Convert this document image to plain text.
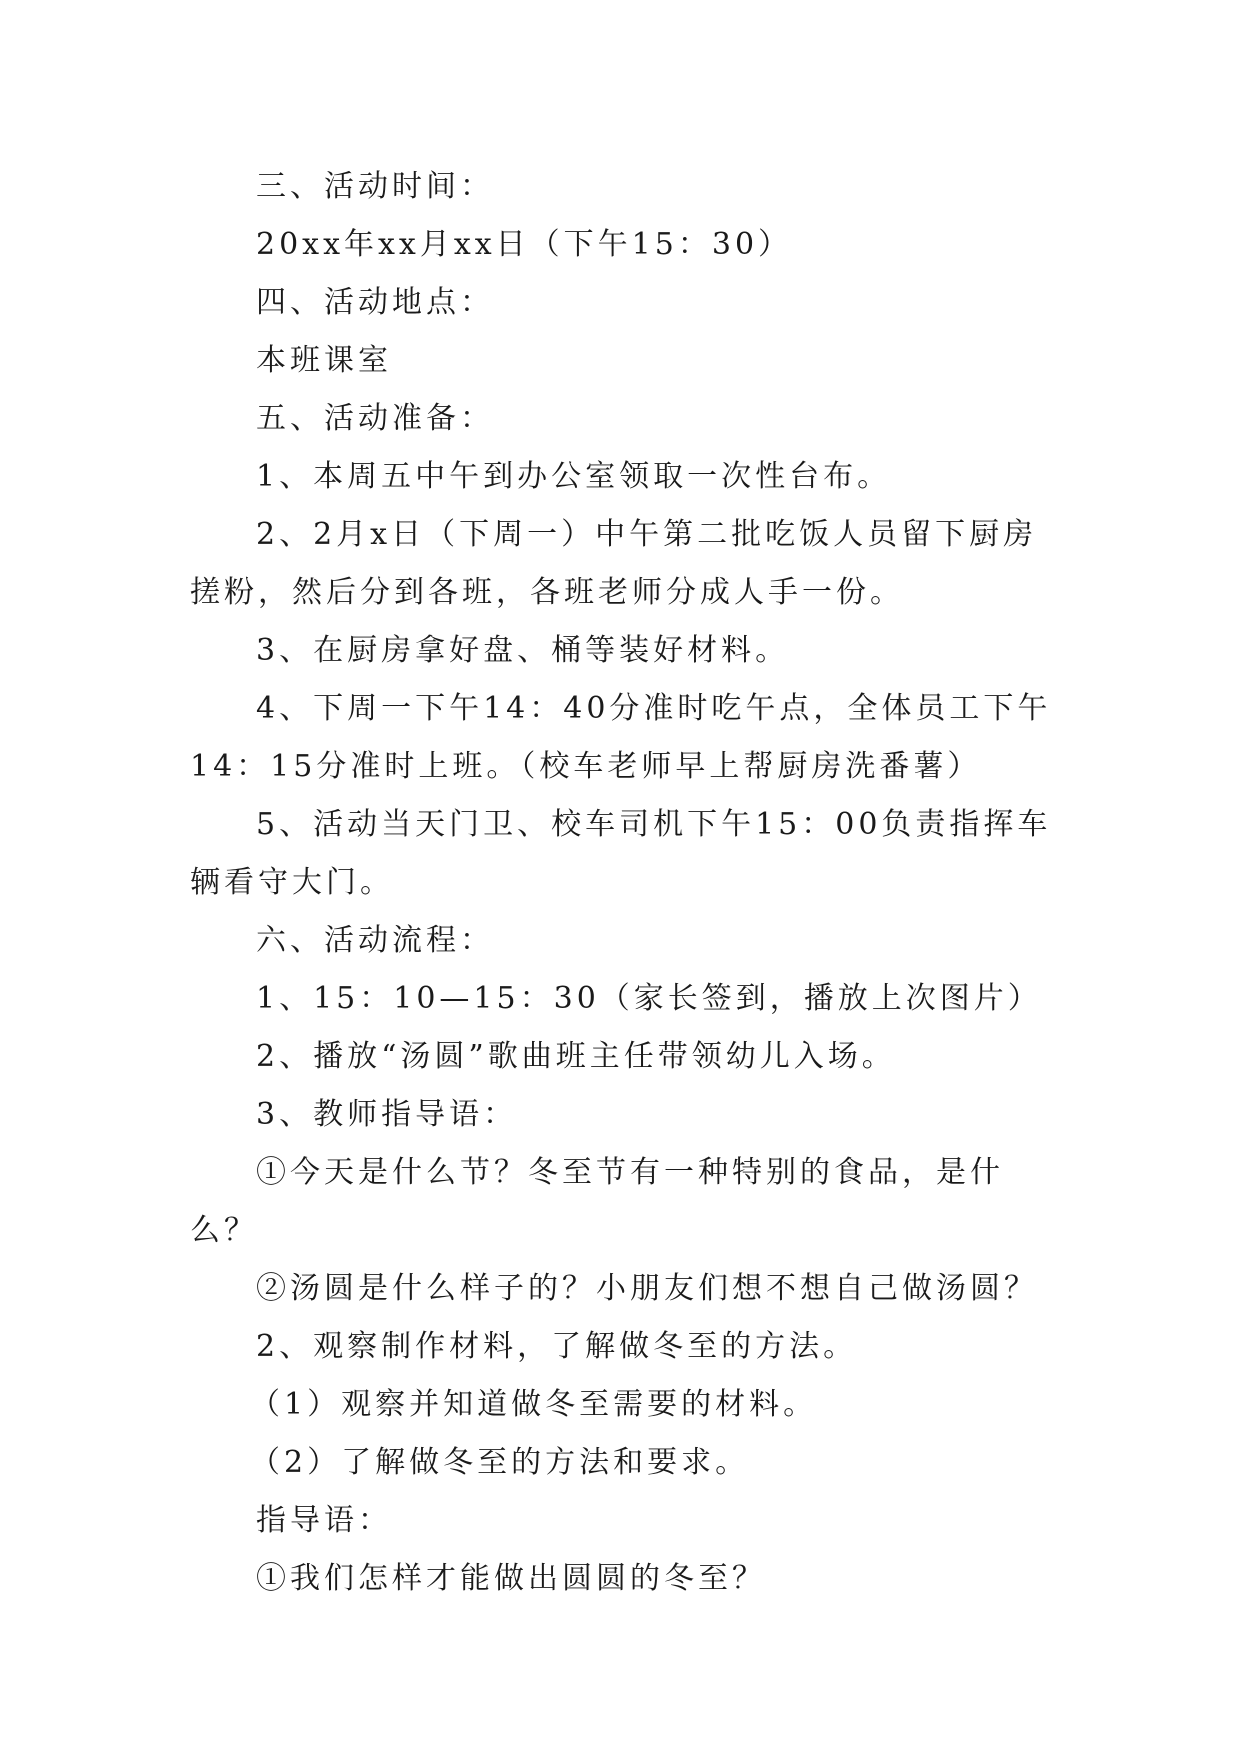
三、活动时间：

20xx年xx月xx日（下午15：30）

四、活动地点：

本班课室

五、活动准备：

1、本周五中午到办公室领取一次性台布。

2、2月x日（下周一）中午第二批吃饭人员留下厨房搓粉，然后分到各班，各班老师分成人手一份。

3、在厨房拿好盘、桶等装好材料。

4、下周一下午14：40分准时吃午点，全体员工下午14：15分准时上班。（校车老师早上帮厨房洗番薯）

5、活动当天门卫、校车司机下午15：00负责指挥车辆看守大门。

六、活动流程：

1、15：10—15：30（家长签到，播放上次图片）

2、播放“汤圆”歌曲班主任带领幼儿入场。

3、教师指导语：

①今天是什么节？冬至节有一种特别的食品，是什么？

②汤圆是什么样子的？小朋友们想不想自己做汤圆？

2、观察制作材料，了解做冬至的方法。

（1）观察并知道做冬至需要的材料。

（2）了解做冬至的方法和要求。

指导语：

①我们怎样才能做出圆圆的冬至？
